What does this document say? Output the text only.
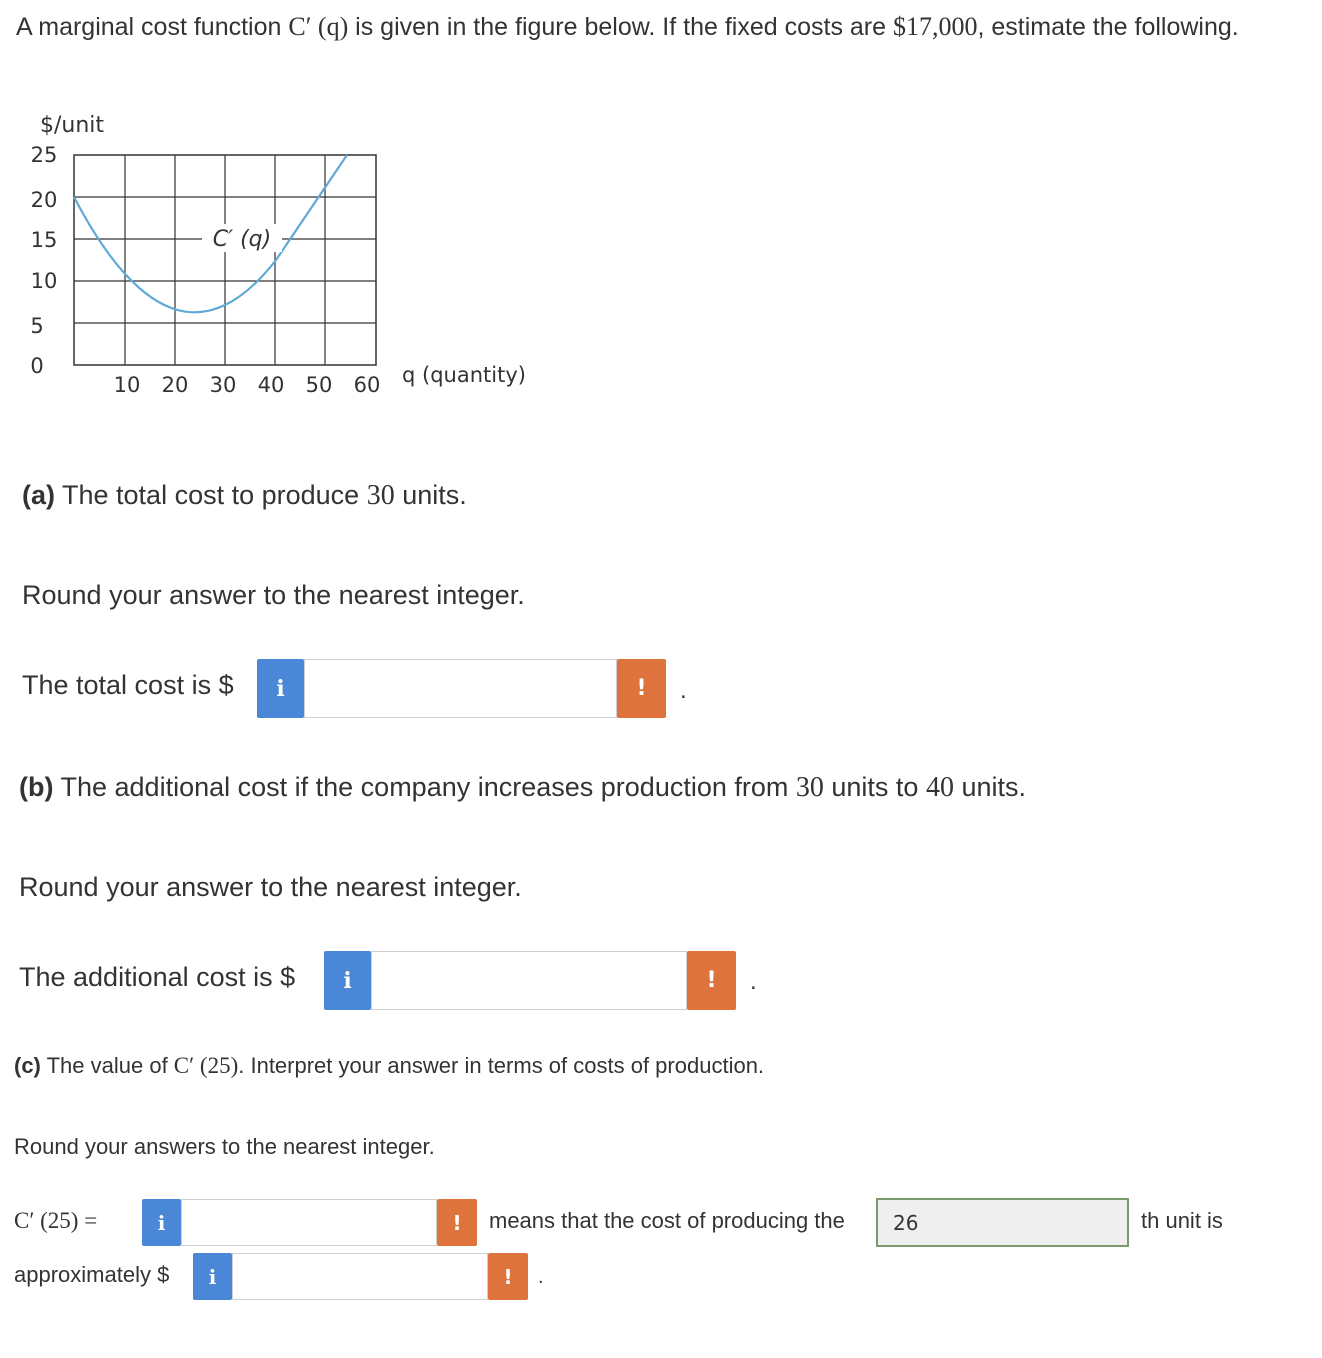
A marginal cost function C′ (q) is given in the figure below. If the fixed costs are $17,000, estimate the following.
$/unit
25
20
15
10
5
0
10 20 30 40 50 60 q (quantity)
C′ (q)
(a) The total cost to produce 30 units.
Round your answer to the nearest integer.
The total cost is $	i	!	.
(b) The additional cost if the company increases production from 30 units to 40 units.
Round your answer to the nearest integer.
The additional cost is $	i	!	.
(c) The value of C′ (25). Interpret your answer in terms of costs of production.
Round your answers to the nearest integer.
C′ (25) =	i	!	means that the cost of producing the	26	th unit is
approximately $	i	!	.
